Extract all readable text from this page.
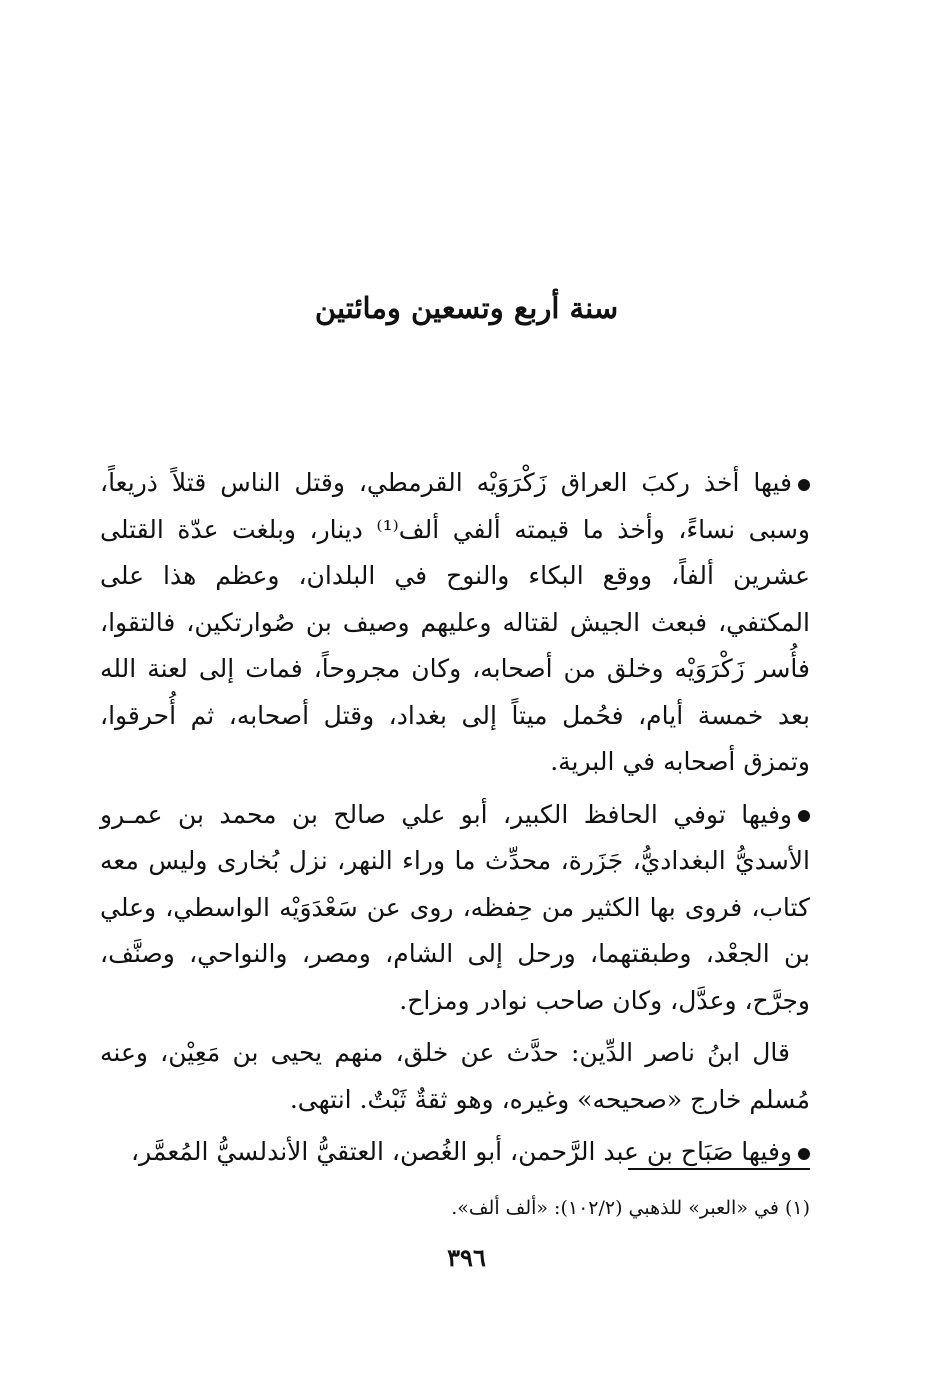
سنة أربع وتسعين ومائتين

فيها أخذ ركبَ العراق زَكْرَوَيْه القرمطي، وقتل الناس قتلاً ذريعاً، وسبى نساءً، وأخذ ما قيمته ألفي ألف⁽¹⁾ دينار، وبلغت عدّة القتلى عشرين ألفاً، ووقع البكاء والنوح في البلدان، وعظم هذا على المكتفي، فبعث الجيش لقتاله وعليهم وصيف بن صُوارتكين، فالتقوا، فأُسر زَكْرَوَيْه وخلق من أصحابه، وكان مجروحاً، فمات إلى لعنة الله بعد خمسة أيام، فحُمل ميتاً إلى بغداد، وقتل أصحابه، ثم أُحرقوا، وتمزق أصحابه في البرية.

وفيها توفي الحافظ الكبير، أبو علي صالح بن محمد بن عمـرو الأسديُّ البغداديُّ، جَزَرة، محدِّث ما وراء النهر، نزل بُخارى وليس معه كتاب، فروى بها الكثير من حِفظه، روى عن سَعْدَوَيْه الواسطي، وعلي بن الجعْد، وطبقتهما، ورحل إلى الشام، ومصر، والنواحي، وصنَّف، وجرَّح، وعدَّل، وكان صاحب نوادر ومزاح.

قال ابنُ ناصر الدِّين: حدَّث عن خلق، منهم يحيى بن مَعِيْن، وعنه مُسلم خارج «صحيحه» وغيره، وهو ثقةٌ ثَبْتٌ. انتهى.

وفيها صَبَاح بن عبد الرَّحمن، أبو الغُصن، العتقيُّ الأندلسيُّ المُعمَّر،

(١) في «العبر» للذهبي (١٠٢/٢): «ألف ألف».

٣٩٦
